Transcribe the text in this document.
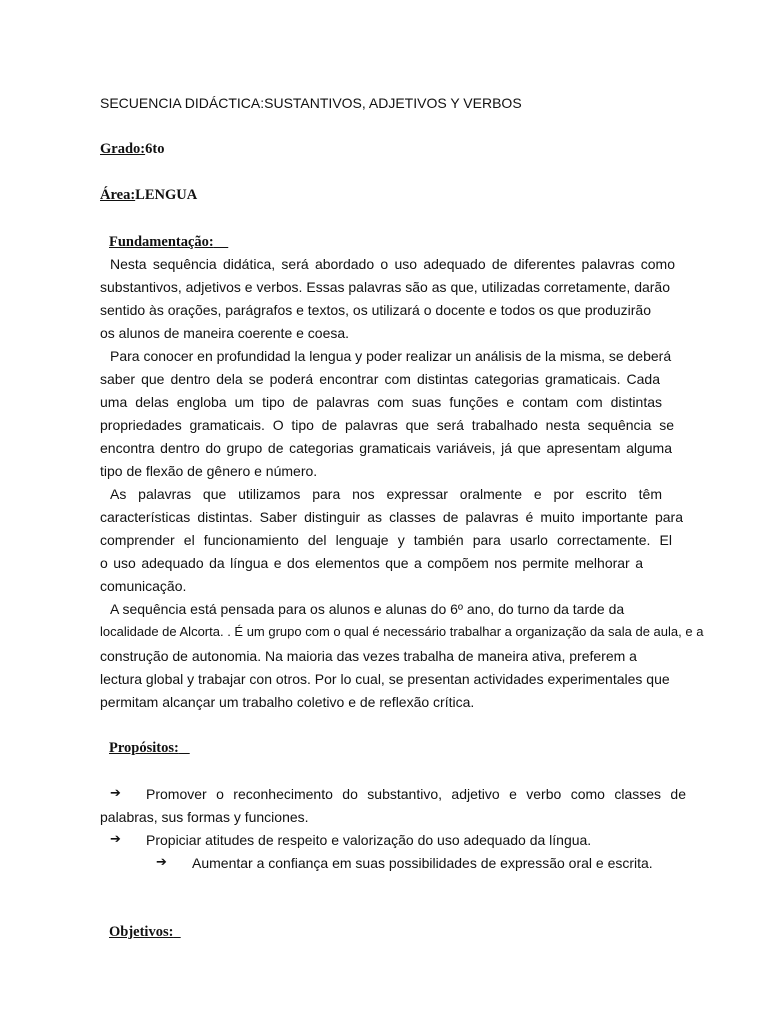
SECUENCIA DIDÁCTICA:SUSTANTIVOS, ADJETIVOS Y VERBOS
Grado:6to
Área:LENGUA
Fundamentação:
Nesta sequência didática, será abordado o uso adequado de diferentes palavras como
substantivos, adjetivos e verbos. Essas palavras são as que, utilizadas corretamente, darão
sentido às orações, parágrafos e textos, os utilizará o docente e todos os que produzirão
os alunos de maneira coerente e coesa.
Para conocer en profundidad la lengua y poder realizar un análisis de la misma, se deberá
saber que dentro dela se poderá encontrar com distintas categorias gramaticais. Cada
uma delas engloba um tipo de palavras com suas funções e contam com distintas
propriedades gramaticais. O tipo de palavras que será trabalhado nesta sequência se
encontra dentro do grupo de categorias gramaticais variáveis, já que apresentam alguma
tipo de flexão de gênero e número.
As palavras que utilizamos para nos expressar oralmente e por escrito têm
características distintas. Saber distinguir as classes de palavras é muito importante para
comprender el funcionamiento del lenguaje y también para usarlo correctamente. El
o uso adequado da língua e dos elementos que a compõem nos permite melhorar a
comunicação.
A sequência está pensada para os alunos e alunas do 6º ano, do turno da tarde da
localidade de Alcorta. . É um grupo com o qual é necessário trabalhar a organização da sala de aula, e a
construção de autonomia. Na maioria das vezes trabalha de maneira ativa, preferem a
lectura global y trabajar con otros. Por lo cual, se presentan actividades experimentales que
permitam alcançar um trabalho coletivo e de reflexão crítica.
Propósitos:
➔ Promover o reconhecimento do substantivo, adjetivo e verbo como classes de
palabras, sus formas y funciones.
➔ Propiciar atitudes de respeito e valorização do uso adequado da língua.
➔ Aumentar a confiança em suas possibilidades de expressão oral e escrita.
Objetivos:
